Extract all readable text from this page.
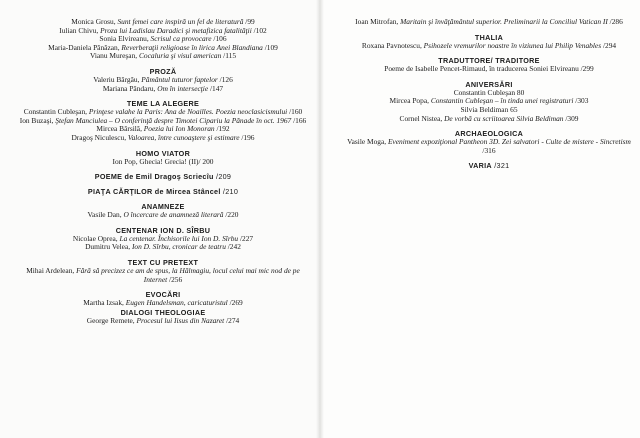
Monica Grosu, Sunt femei care inspiră un fel de literatură /99
Iulian Chivu, Proza lui Ladislau Daradici şi metafizica fatalităţii /102
Sonia Elvireanu, Scrisul ca provocare /106
Maria-Daniela Pănăzan, Reverberaţii religioase în lirica Anei Blandiana /109
Vianu Mureşan, Cocaluria şi visul american /115
PROZĂ
Valeriu Bârgău, Pământul tuturor faptelor /126
Mariana Pândaru, Om în intersecţie /147
TEME LA ALEGERE
Constantin Cubleşan, Prinţese valahe la Paris: Ana de Noailles. Poezia neoclasicismului /160
Ion Buzaşi, Ştefan Manciulea – O conferinţă despre Timotei Cipariu la Pănade în oct. 1967 /166
Mircea Bârsilă, Poezia lui Ion Monoran /192
Dragoş Niculescu, Valoarea, între cunoaştere şi estimare /196
HOMO VIATOR
Ion Pop, Ghecia! Grecia! (II)/ 200
POEME de Emil Dragoş Scriecîu /209
PIAŢA CĂRŢILOR de Mircea Stâncel /210
ANAMNEZE
Vasile Dan, O încercare de anamneză literară /220
CENTENAR ION D. SÎRBU
Nicolae Oprea, La centenar. Închisorile lui Ion D. Sîrbu /227
Dumitru Velea, Ion D. Sîrbu, cronicar de teatru /242
TEXT CU PRETEXT
Mihai Ardelean, Fără să precizez ce am de spus, la Hălmagiu, locul celui mai mic nod de pe Internet /256
EVOCĂRI
Martha Izsak, Eugen Handelsman, caricaturistul /269
DIALOGI THEOLOGIAE
George Remete, Procesul lui Iisus din Nazaret /274
Ioan Mitrofan, Maritain şi învăţământul superior. Preliminarii la Conciliul Vatican II /286
THALIA
Roxana Pavnotescu, Psihozele vremurilor noastre în viziunea lui Philip Venables /294
TRADUTTORE/ TRADITORE
Poeme de Isabelle Pencet-Rimaud, în traducerea Soniei Elvireanu /299
ANIVERSĂRI
Constantin Cubleşan 80
Mircea Popa, Constantin Cubleşan – în tinda unei registraturi /303
Silvia Beldiman 65
Cornel Nistea, De vorbă cu scriitoarea Silvia Beldiman /309
ARCHAEOLOGICA
Vasile Moga, Eveniment expoziţional Pantheon 3D. Zei salvatori - Culte de mistere - Sincretism /316
VARIA /321
